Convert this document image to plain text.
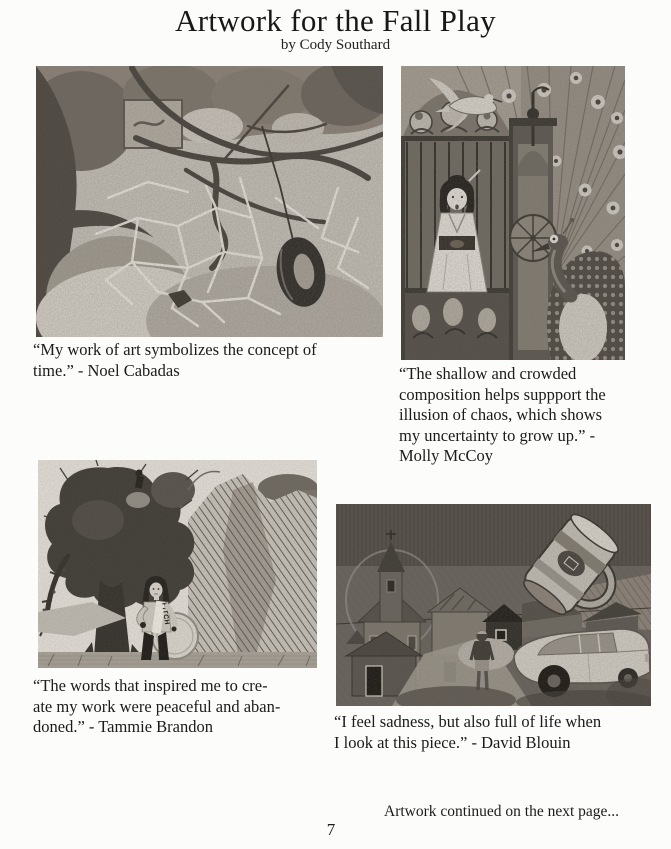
Artwork for the Fall Play
by Cody Southard
“My work of art symbolizes the concept of
time.” - Noel Cabadas	“The shallow and crowded
composition helps suppport the
illusion of chaos, which shows
my uncertainty to grow up.” -
Molly McCoy
FITCH
“The words that inspired me to cre-
ate my work were peaceful and aban-
doned.” - Tammie Brandon	“I feel sadness, but also full of life when
I look at this piece.” - David Blouin
Artwork continued on the next page...
7
